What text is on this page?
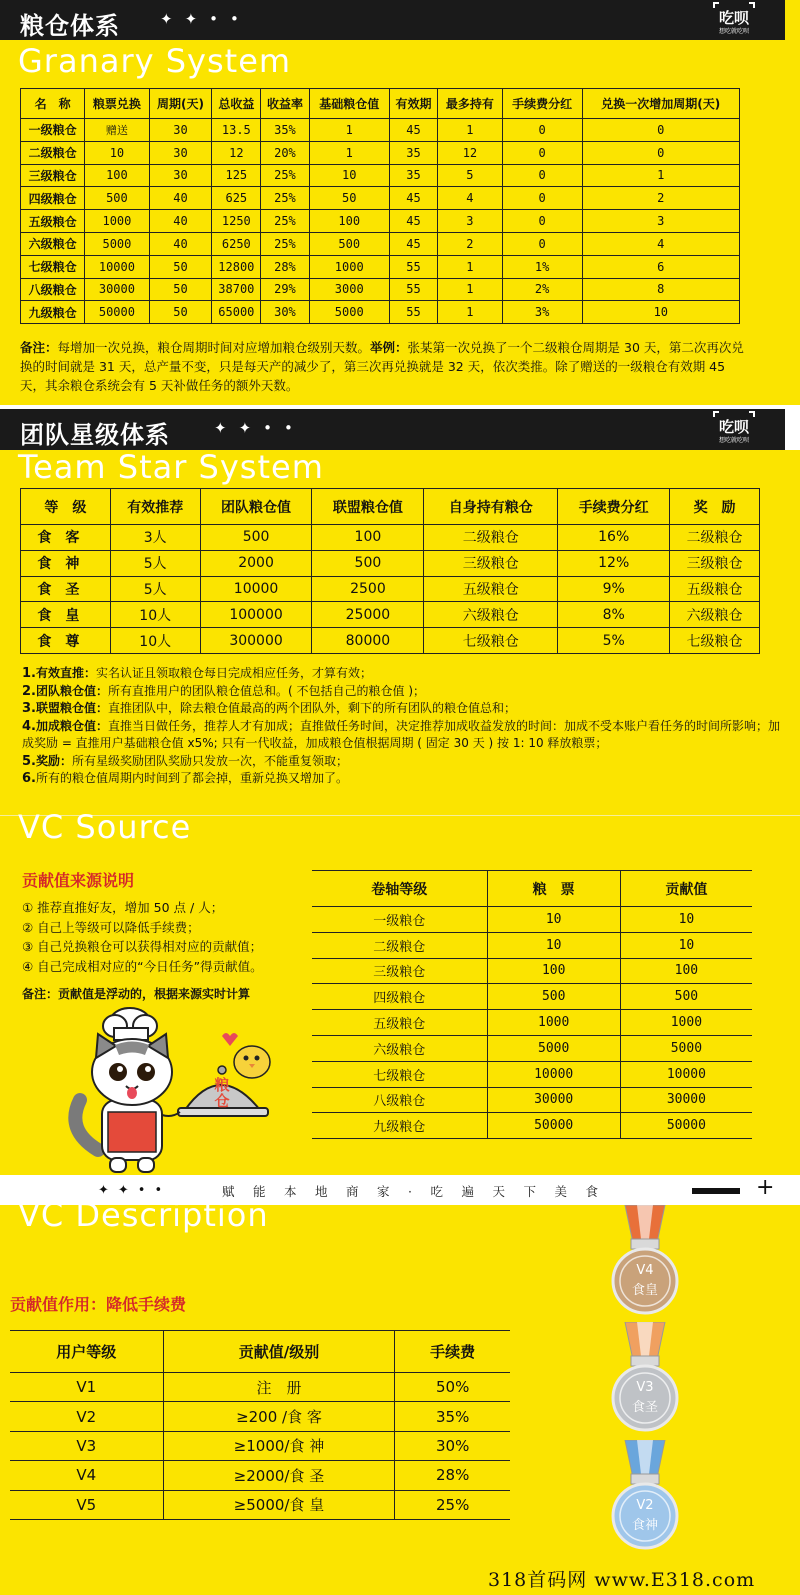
粮仓体系	✦✦••	吃呗
想吃就吃呗
Granary System
名　称	粮票兑换	周期(天)	总收益	收益率	基础粮仓值	有效期	最多持有	手续费分红	兑换一次增加周期(天)
一级粮仓	赠送	30	13.5	35%	1	45	1	0	0
二级粮仓	10	30	12	20%	1	35	12	0	0
三级粮仓	100	30	125	25%	10	35	5	0	1
四级粮仓	500	40	625	25%	50	45	4	0	2
五级粮仓	1000	40	1250	25%	100	45	3	0	3
六级粮仓	5000	40	6250	25%	500	45	2	0	4
七级粮仓	10000	50	12800	28%	1000	55	1	1%	6
八级粮仓	30000	50	38700	29%	3000	55	1	2%	8
九级粮仓	50000	50	65000	30%	5000	55	1	3%	10
备注：每增加一次兑换，粮仓周期时间对应增加粮仓级别天数。举例：张某第一次兑换了一个二级粮仓周期是 30 天，第二次再次兑换的时间就是 31 天，总产量不变，只是每天产的减少了，第三次再兑换就是 32 天，依次类推。除了赠送的一级粮仓有效期 45 天，其余粮仓系统会有 5 天补做任务的额外天数。
团队星级体系	✦✦••	吃呗
想吃就吃呗
Team Star System
等　级	有效推荐	团队粮仓值	联盟粮仓值	自身持有粮仓	手续费分红	奖　励
食客	3人	500	100	二级粮仓	16%	二级粮仓
食神	5人	2000	500	三级粮仓	12%	三级粮仓
食圣	5人	10000	2500	五级粮仓	9%	五级粮仓
食皇	10人	100000	25000	六级粮仓	8%	六级粮仓
食尊	10人	300000	80000	七级粮仓	5%	七级粮仓
1.有效直推：实名认证且领取粮仓每日完成相应任务，才算有效；
2.团队粮仓值：所有直推用户的团队粮仓值总和。( 不包括自己的粮仓值 )；
3.联盟粮仓值：直推团队中，除去粮仓值最高的两个团队外，剩下的所有团队的粮仓值总和；
4.加成粮仓值：直推当日做任务，推荐人才有加成；直推做任务时间，决定推荐加成收益发放的时间：加成不受本账户看任务的时间所影响；加成奖励 = 直推用户基础粮仓值 x5%; 只有一代收益，加成粮仓值根据周期 ( 固定 30 天 ) 按 1: 10 释放粮票；
5.奖励：所有星级奖励团队奖励只发放一次，不能重复领取；
6.所有的粮仓值周期内时间到了都会掉，重新兑换又增加了。
VC Source
贡献值来源说明
① 推荐直推好友，增加 50 点 / 人；
② 自己上等级可以降低手续费；
③ 自己兑换粮仓可以获得相对应的贡献值；
④ 自己完成相对应的“今日任务”得贡献值。
备注：贡献值是浮动的，根据来源实时计算
粮
仓
卷轴等级	粮　票	贡献值
一级粮仓	10	10
二级粮仓	10	10
三级粮仓	100	100
四级粮仓	500	500
五级粮仓	1000	1000
六级粮仓	5000	5000
七级粮仓	10000	10000
八级粮仓	30000	30000
九级粮仓	50000	50000
✦✦••	赋能本地商家·吃遍天下美食	+
VC Description
贡献值作用：降低手续费
用户等级	贡献值/级别	手续费
V1	注　册	50%
V2	≥200 /食 客	35%
V3	≥1000/食 神	30%
V4	≥2000/食 圣	28%
V5	≥5000/食 皇	25%
V4
食皇
V3
食圣
V2
食神
318首码网 www.E318.com
